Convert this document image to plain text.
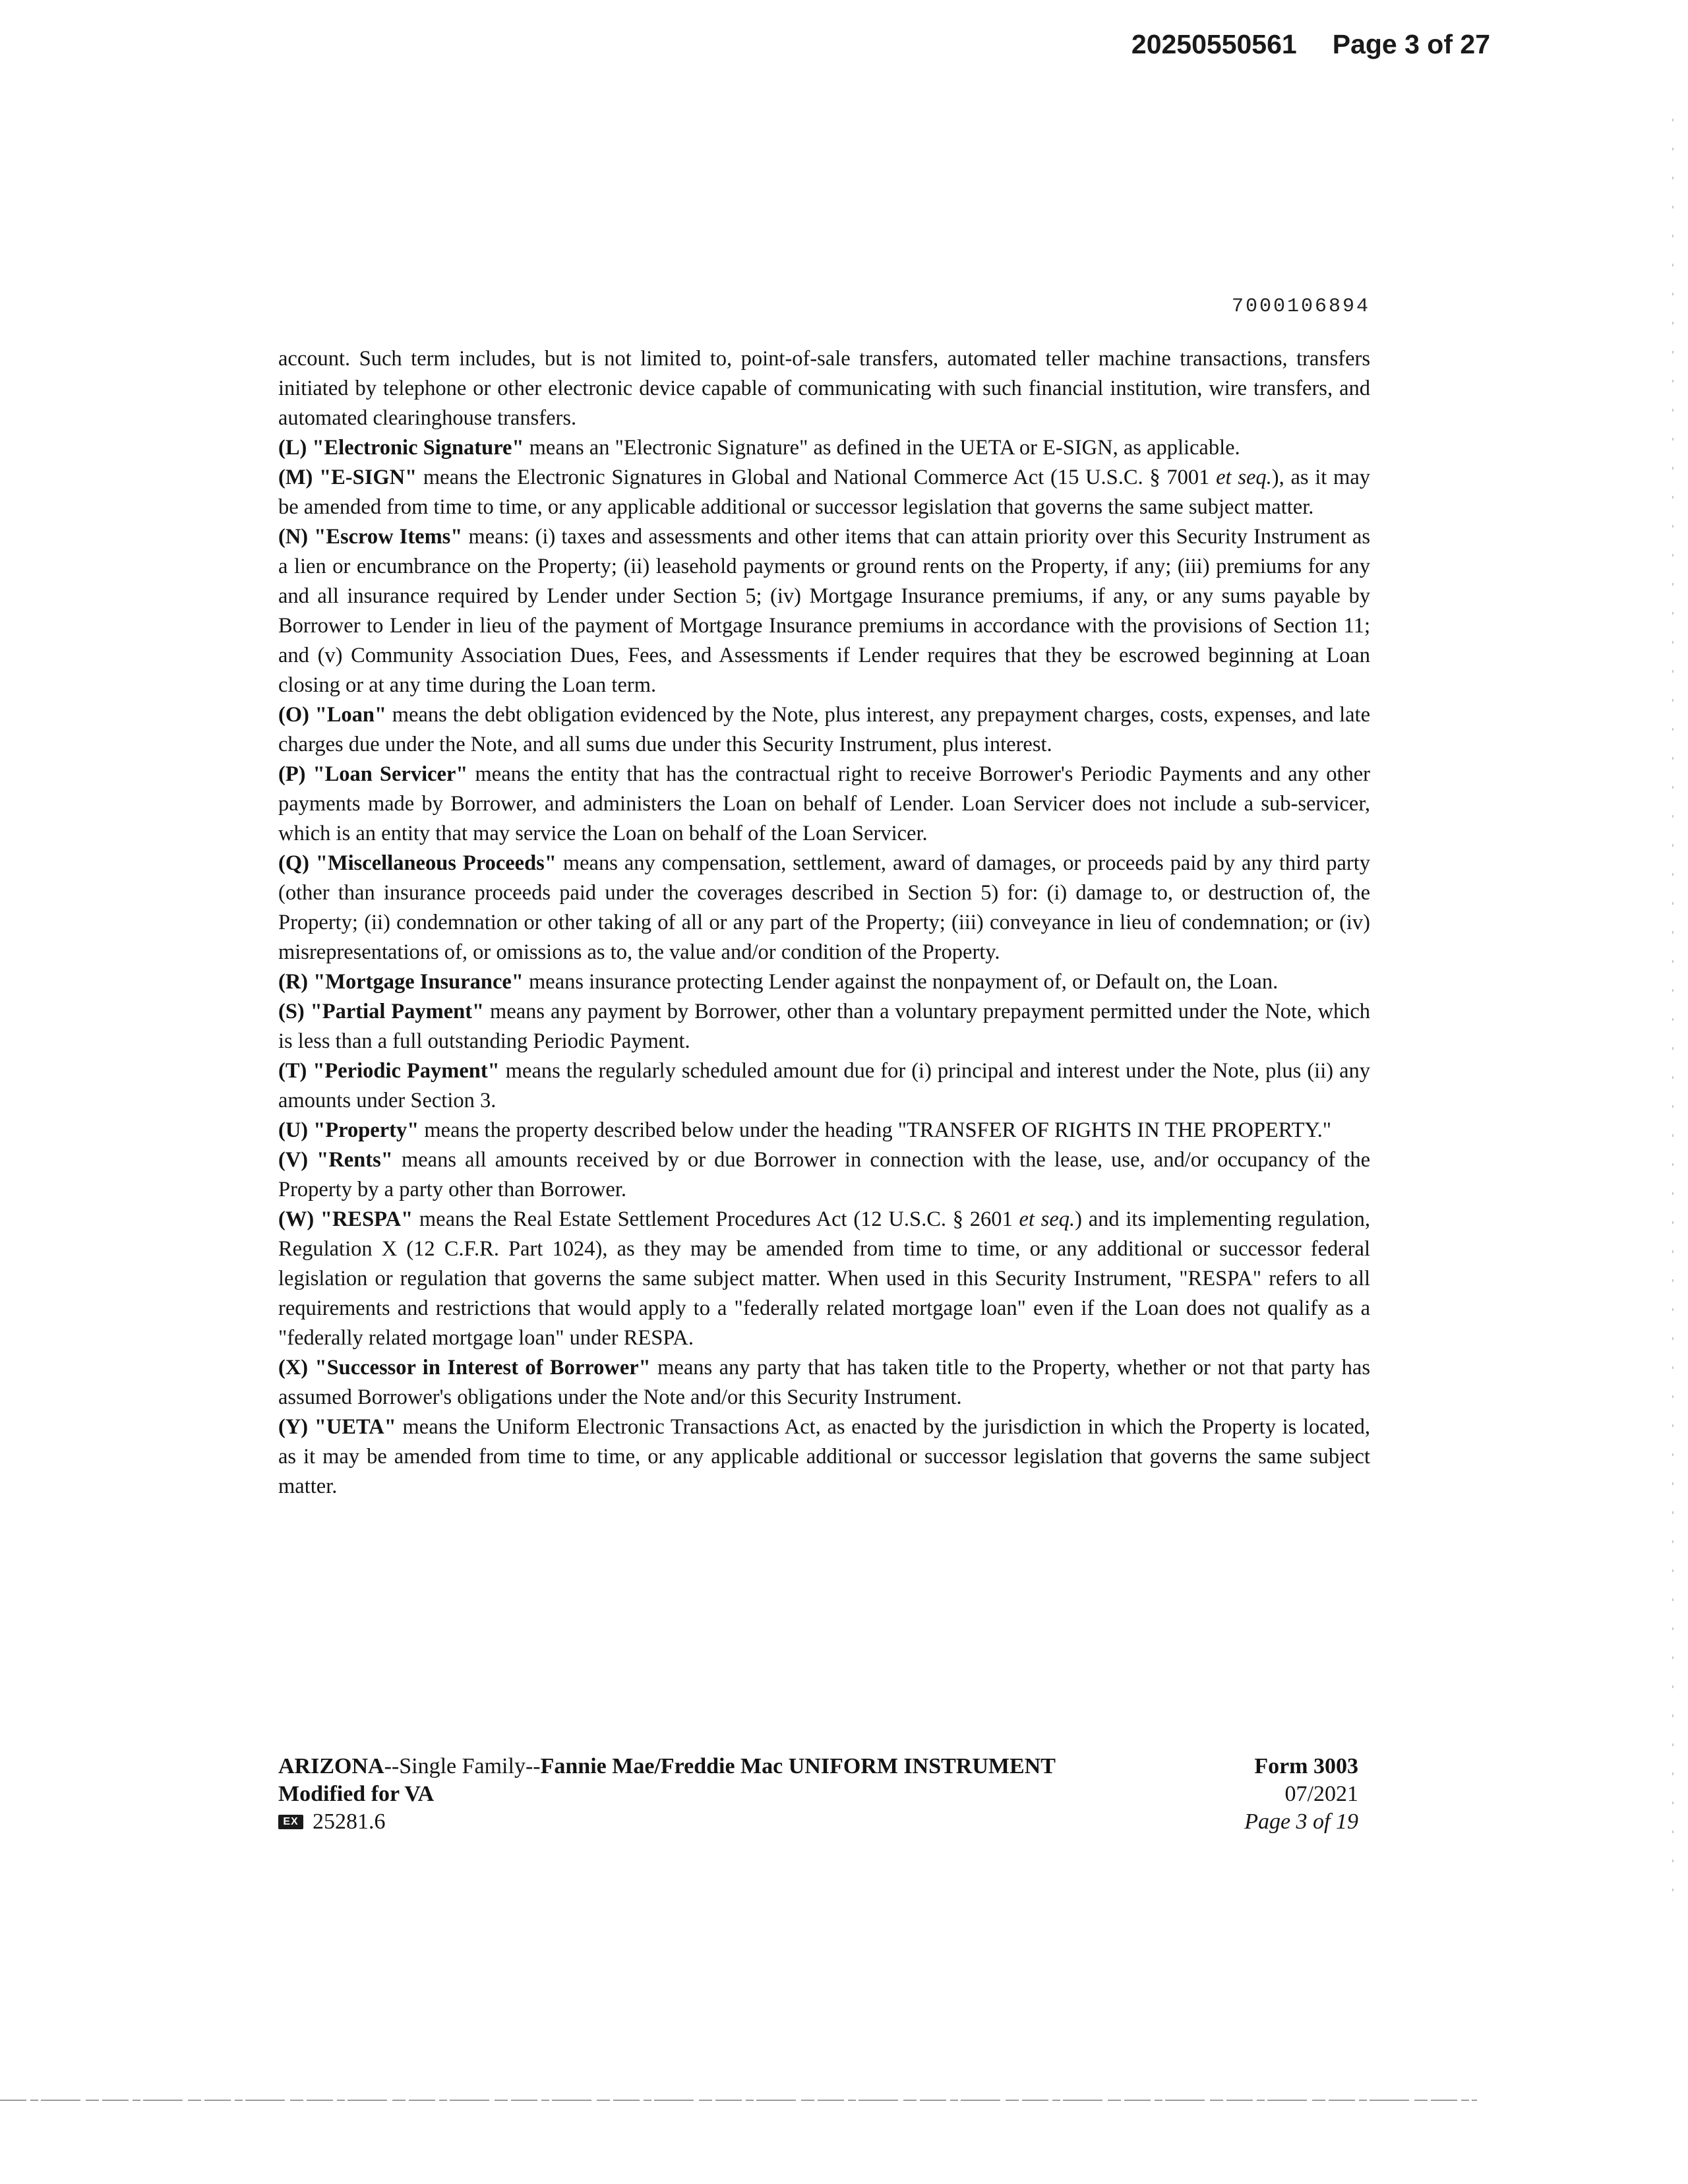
20250550561 Page 3 of 27
7000106894

account. Such term includes, but is not limited to, point-of-sale transfers, automated teller machine transactions, transfers initiated by telephone or other electronic device capable of communicating with such financial institution, wire transfers, and automated clearinghouse transfers.

(L) "Electronic Signature" means an "Electronic Signature" as defined in the UETA or E-SIGN, as applicable.

(M) "E-SIGN" means the Electronic Signatures in Global and National Commerce Act (15 U.S.C. § 7001 et seq.), as it may be amended from time to time, or any applicable additional or successor legislation that governs the same subject matter.

(N) "Escrow Items" means: (i) taxes and assessments and other items that can attain priority over this Security Instrument as a lien or encumbrance on the Property; (ii) leasehold payments or ground rents on the Property, if any; (iii) premiums for any and all insurance required by Lender under Section 5; (iv) Mortgage Insurance premiums, if any, or any sums payable by Borrower to Lender in lieu of the payment of Mortgage Insurance premiums in accordance with the provisions of Section 11; and (v) Community Association Dues, Fees, and Assessments if Lender requires that they be escrowed beginning at Loan closing or at any time during the Loan term.

(O) "Loan" means the debt obligation evidenced by the Note, plus interest, any prepayment charges, costs, expenses, and late charges due under the Note, and all sums due under this Security Instrument, plus interest.

(P) "Loan Servicer" means the entity that has the contractual right to receive Borrower's Periodic Payments and any other payments made by Borrower, and administers the Loan on behalf of Lender. Loan Servicer does not include a sub-servicer, which is an entity that may service the Loan on behalf of the Loan Servicer.

(Q) "Miscellaneous Proceeds" means any compensation, settlement, award of damages, or proceeds paid by any third party (other than insurance proceeds paid under the coverages described in Section 5) for: (i) damage to, or destruction of, the Property; (ii) condemnation or other taking of all or any part of the Property; (iii) conveyance in lieu of condemnation; or (iv) misrepresentations of, or omissions as to, the value and/or condition of the Property.

(R) "Mortgage Insurance" means insurance protecting Lender against the nonpayment of, or Default on, the Loan.

(S) "Partial Payment" means any payment by Borrower, other than a voluntary prepayment permitted under the Note, which is less than a full outstanding Periodic Payment.

(T) "Periodic Payment" means the regularly scheduled amount due for (i) principal and interest under the Note, plus (ii) any amounts under Section 3.

(U) "Property" means the property described below under the heading "TRANSFER OF RIGHTS IN THE PROPERTY."

(V) "Rents" means all amounts received by or due Borrower in connection with the lease, use, and/or occupancy of the Property by a party other than Borrower.

(W) "RESPA" means the Real Estate Settlement Procedures Act (12 U.S.C. § 2601 et seq.) and its implementing regulation, Regulation X (12 C.F.R. Part 1024), as they may be amended from time to time, or any additional or successor federal legislation or regulation that governs the same subject matter. When used in this Security Instrument, "RESPA" refers to all requirements and restrictions that would apply to a "federally related mortgage loan" even if the Loan does not qualify as a "federally related mortgage loan" under RESPA.

(X) "Successor in Interest of Borrower" means any party that has taken title to the Property, whether or not that party has assumed Borrower's obligations under the Note and/or this Security Instrument.

(Y) "UETA" means the Uniform Electronic Transactions Act, as enacted by the jurisdiction in which the Property is located, as it may be amended from time to time, or any applicable additional or successor legislation that governs the same subject matter.

ARIZONA--Single Family--Fannie Mae/Freddie Mac UNIFORM INSTRUMENT
Modified for VA
EX 25281.6
Form 3003
07/2021
Page 3 of 19
